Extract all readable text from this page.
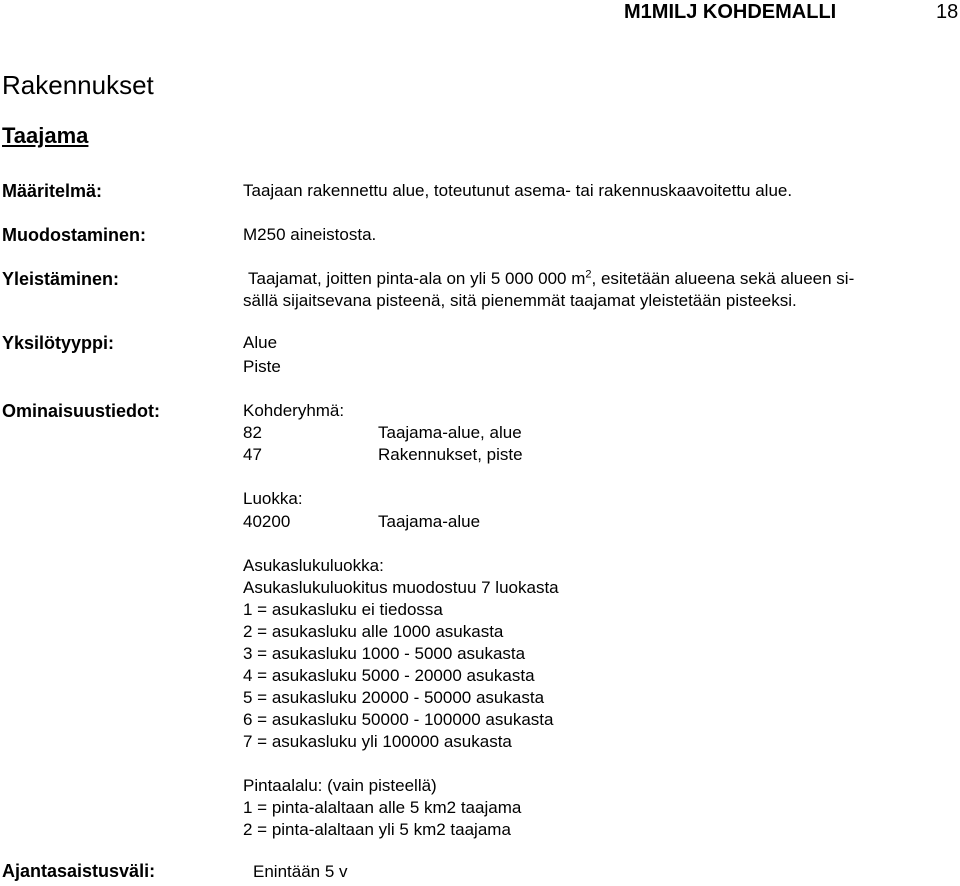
M1MILJ KOHDEMALLI	18
Rakennukset
Taajama
Määritelmä:	Taajaan rakennettu alue, toteutunut asema- tai rakennuskaavoitettu alue.
Muodostaminen:	M250 aineistosta.
Yleistäminen:	Taajamat, joitten pinta-ala on yli 5 000 000 $m^2$, esitetään alueena sekä alueen si-
sällä sijaitsevana pisteenä, sitä pienemmät taajamat yleistetään pisteeksi.
Yksilötyyppi:	Alue
Piste
Ominaisuustiedot:	Kohderyhmä:
82	Taajama-alue, alue
47	Rakennukset, piste
Luokka:
40200	Taajama-alue
Asukaslukuluokka:
Asukaslukuluokitus muodostuu 7 luokasta
1 = asukasluku ei tiedossa
2 = asukasluku alle 1000 asukasta
3 = asukasluku 1000 - 5000 asukasta
4 = asukasluku 5000 - 20000 asukasta
5 = asukasluku 20000 - 50000 asukasta
6 = asukasluku 50000 - 100000 asukasta
7 = asukasluku yli 100000 asukasta
Pintaalalu: (vain pisteellä)
1 = pinta-alaltaan alle 5 km2 taajama
2 = pinta-alaltaan yli 5 km2 taajama
Ajantasaistusväli:	Enintään 5 v
